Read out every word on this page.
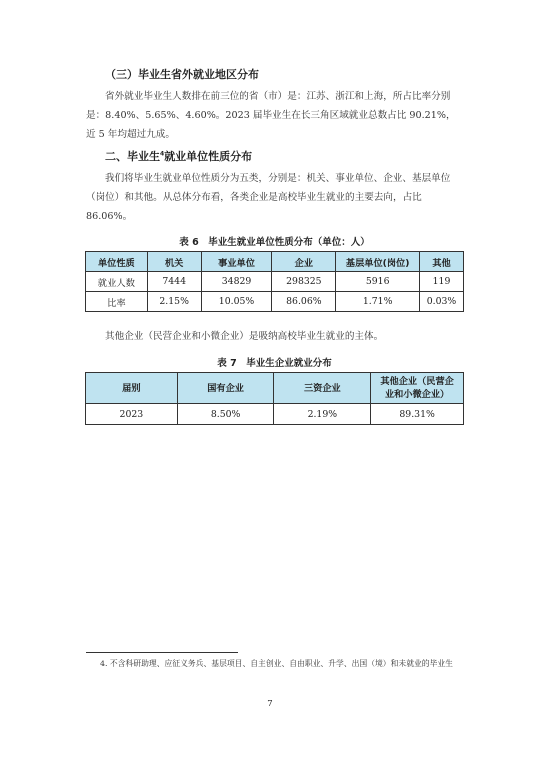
（三）毕业生省外就业地区分布
省外就业毕业生人数排在前三位的省（市）是：江苏、浙江和上海，所占比率分别是：8.40%、5.65%、4.60%。2023 届毕业生在长三角区域就业总数占比 90.21%，近 5 年均超过九成。
二、毕业生$^4$就业单位性质分布
我们将毕业生就业单位性质分为五类，分别是：机关、事业单位、企业、基层单位（岗位）和其他。从总体分布看，各类企业是高校毕业生就业的主要去向，占比 86.06%。
表 6　毕业生就业单位性质分布（单位：人）
单位性质	机关	事业单位	企业	基层单位(岗位)	其他
就业人数	7444	34829	298325	5916	119
比率	2.15%	10.05%	86.06%	1.71%	0.03%
其他企业（民营企业和小微企业）是吸纳高校毕业生就业的主体。
表 7　毕业生企业就业分布
届别	国有企业	三资企业	其他企业（民营企业和小微企业）
2023	8.50%	2.19%	89.31%
4. 不含科研助理、应征义务兵、基层项目、自主创业、自由职业、升学、出国（境）和未就业的毕业生
7
